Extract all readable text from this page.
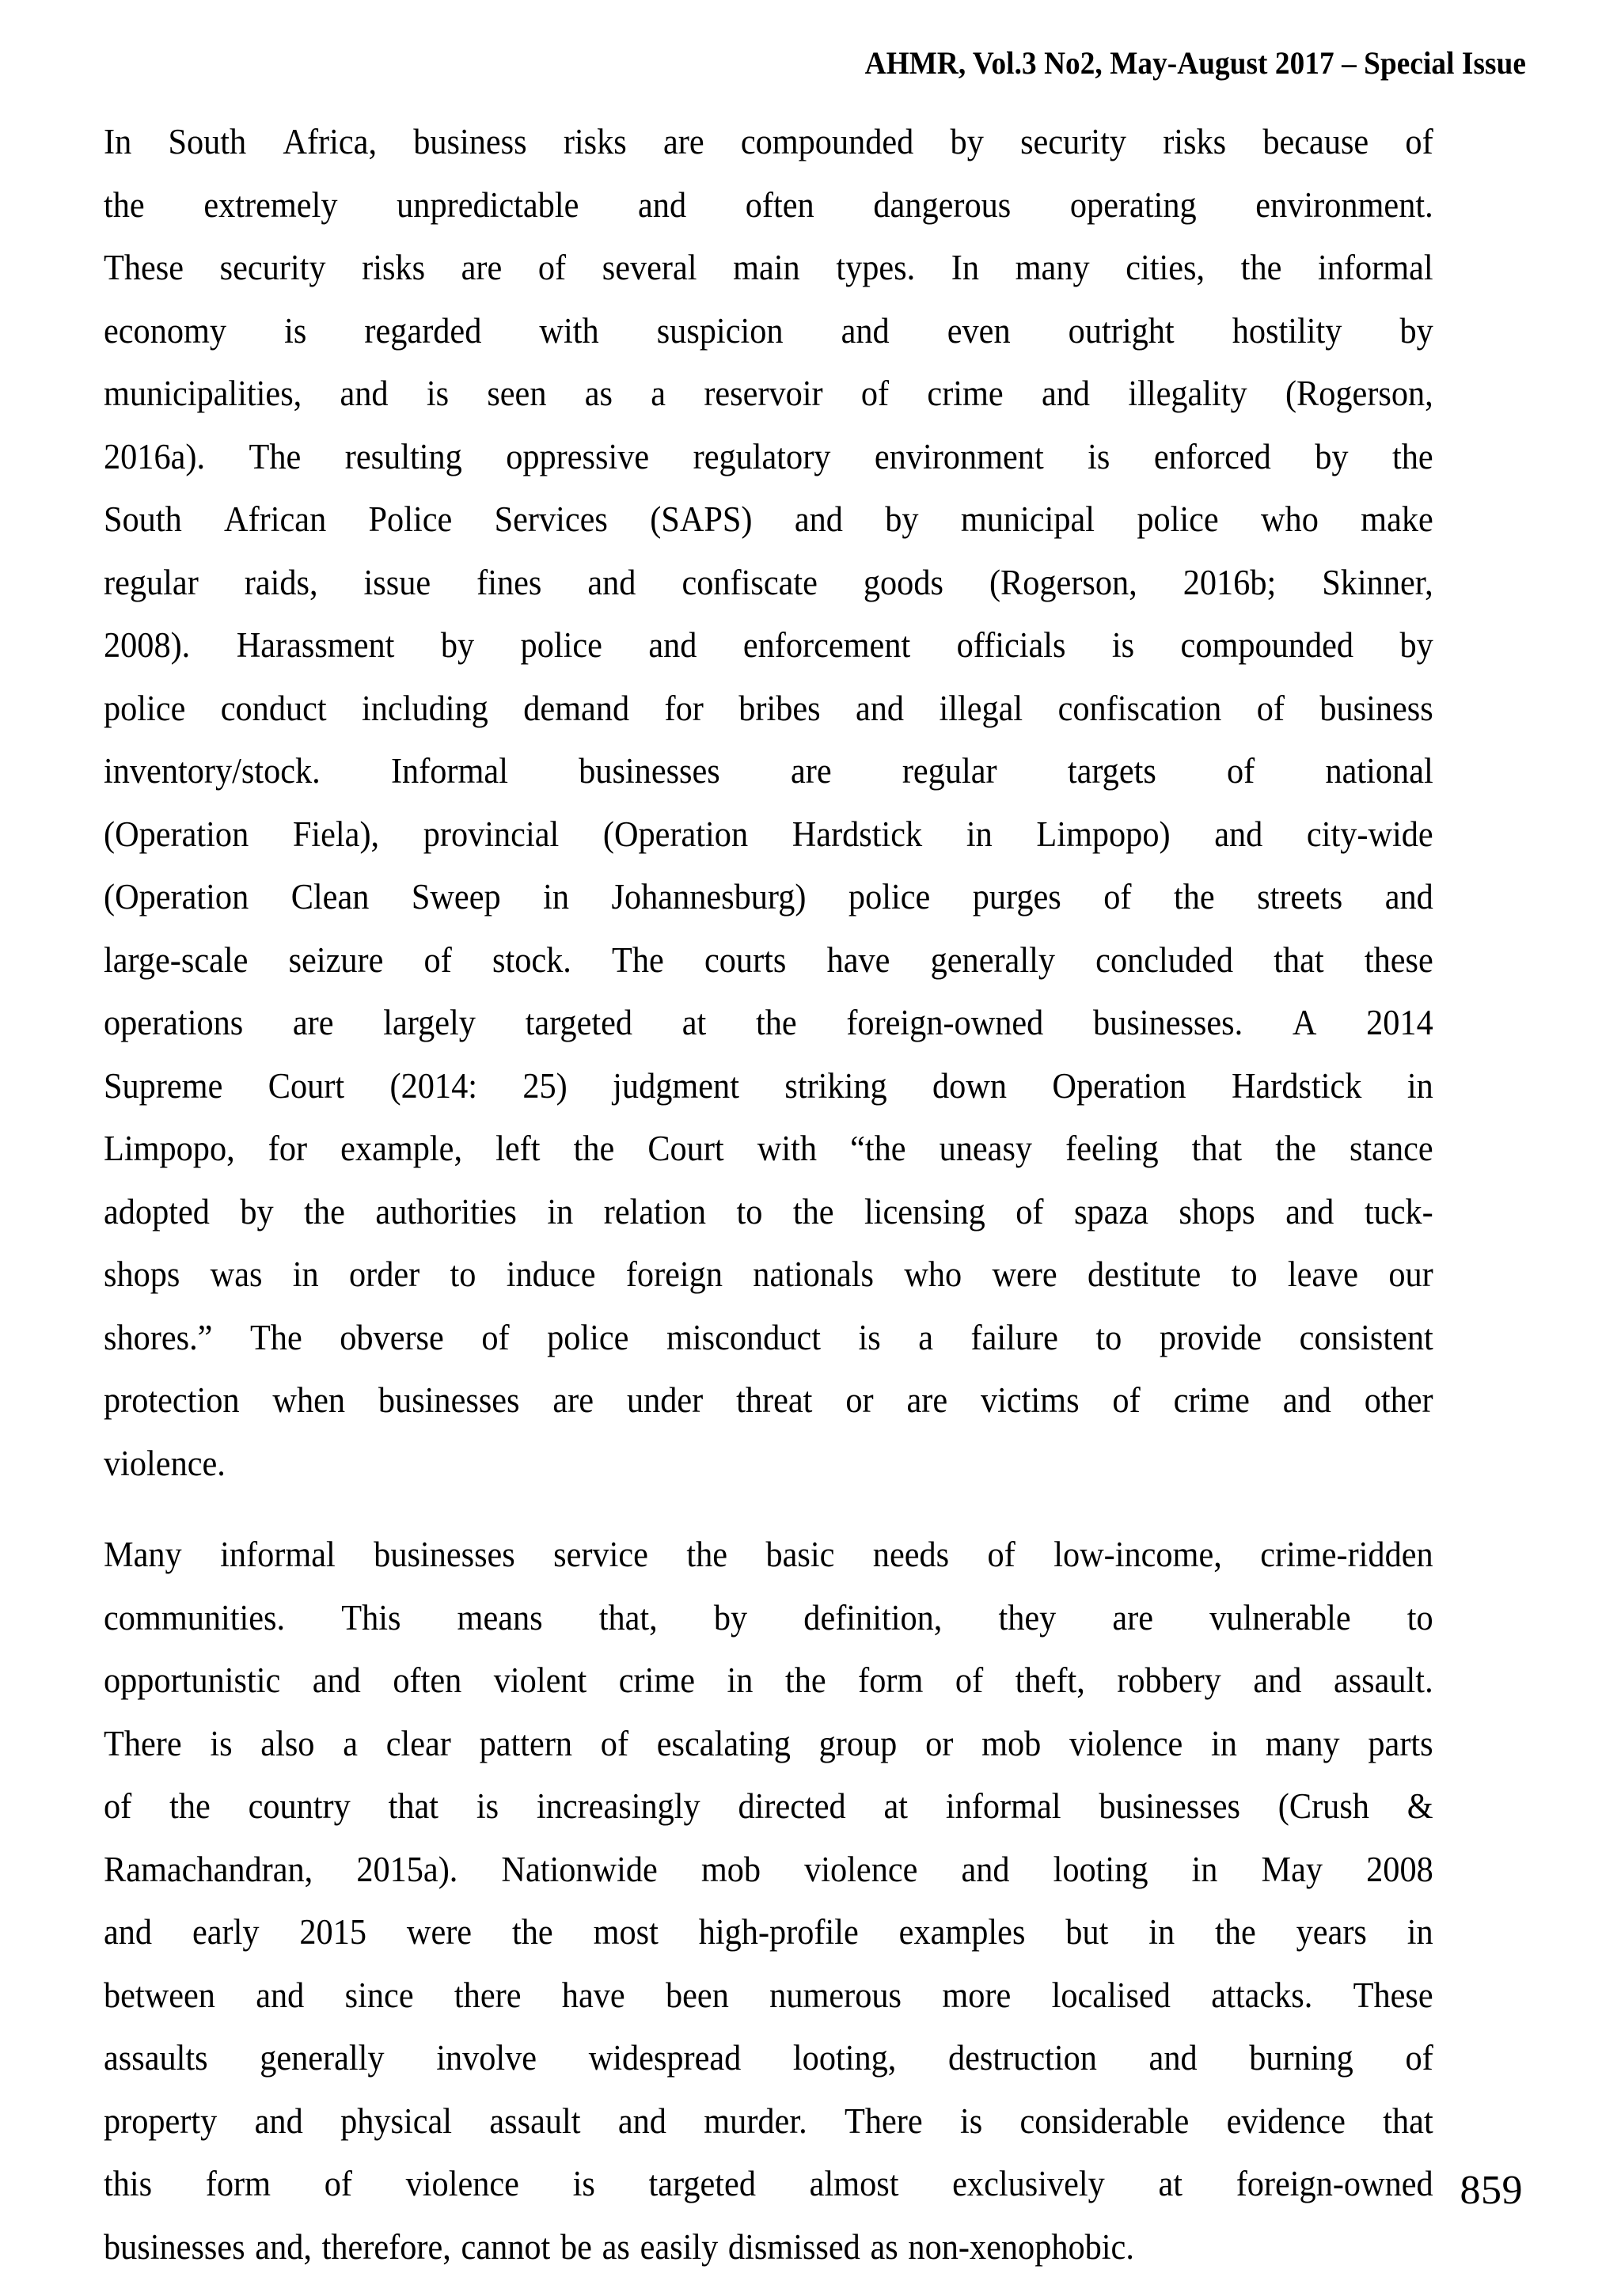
AHMR, Vol.3 No2, May-August 2017 – Special Issue
In South Africa, business risks are compounded by security risks because of
the extremely unpredictable and often dangerous operating environment.
These security risks are of several main types. In many cities, the informal
economy is regarded with suspicion and even outright hostility by
municipalities, and is seen as a reservoir of crime and illegality (Rogerson,
2016a). The resulting oppressive regulatory environment is enforced by the
South African Police Services (SAPS) and by municipal police who make
regular raids, issue fines and confiscate goods (Rogerson, 2016b; Skinner,
2008). Harassment by police and enforcement officials is compounded by
police conduct including demand for bribes and illegal confiscation of business
inventory/stock. Informal businesses are regular targets of national
(Operation Fiela), provincial (Operation Hardstick in Limpopo) and city-wide
(Operation Clean Sweep in Johannesburg) police purges of the streets and
large-scale seizure of stock. The courts have generally concluded that these
operations are largely targeted at the foreign-owned businesses. A 2014
Supreme Court (2014: 25) judgment striking down Operation Hardstick in
Limpopo, for example, left the Court with “the uneasy feeling that the stance
adopted by the authorities in relation to the licensing of spaza shops and tuck-
shops was in order to induce foreign nationals who were destitute to leave our
shores.” The obverse of police misconduct is a failure to provide consistent
protection when businesses are under threat or are victims of crime and other
violence.
Many informal businesses service the basic needs of low-income, crime-ridden
communities. This means that, by definition, they are vulnerable to
opportunistic and often violent crime in the form of theft, robbery and assault.
There is also a clear pattern of escalating group or mob violence in many parts
of the country that is increasingly directed at informal businesses (Crush &
Ramachandran, 2015a). Nationwide mob violence and looting in May 2008
and early 2015 were the most high-profile examples but in the years in
between and since there have been numerous more localised attacks. These
assaults generally involve widespread looting, destruction and burning of
property and physical assault and murder. There is considerable evidence that
this form of violence is targeted almost exclusively at foreign-owned
businesses and, therefore, cannot be as easily dismissed as non-xenophobic.
859
